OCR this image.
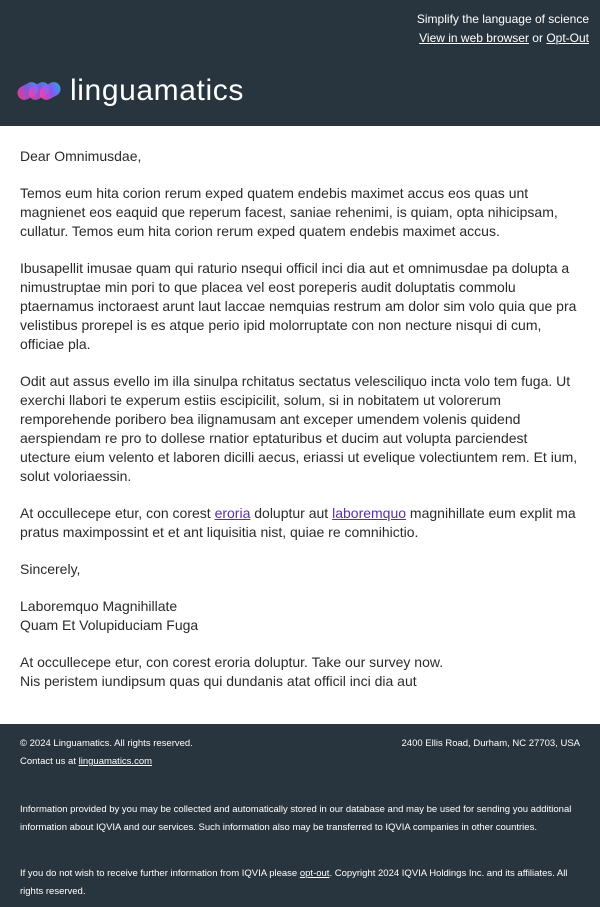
Simplify the language of science
View in web browser or Opt-Out
linguamatics

Dear Omnimusdae,

Temos eum hita corion rerum exped quatem endebis maximet accus eos quas unt magnienet eos eaquid que reperum facest, saniae rehenimi, is quiam, opta nihicipsam, cullatur. Temos eum hita corion rerum exped quatem endebis maximet accus.

Ibusapellit imusae quam qui raturio nsequi officil inci dia aut et omnimusdae pa dolupta a nimustruptae min pori to que placea vel eost poreperis audit doluptatis commolu ptaernamus inctoraest arunt laut laccae nemquias restrum am dolor sim volo quia que pra velistibus prorepel is es atque perio ipid molorruptate con non necture nisqui di cum, officiae pla.

Odit aut assus evello im illa sinulpa rchitatus sectatus velesciliquo incta volo tem fuga. Ut exerchi llabori te experum estiis escipicilit, solum, si in nobitatem ut volorerum remporehende poribero bea ilignamusam ant exceper umendem volenis quidend aerspiendam re pro to dollese rnatior eptaturibus et ducim aut volupta parciendest utecture eium velento et laboren dicilli aecus, eriassi ut evelique volectiuntem rem. Et ium, solut voloriaessin.

At occullecepe etur, con corest eroria doluptur aut laboremquo magnihillate eum explit ma pratus maximpossint et et ant liquisitia nist, quiae re comnihictio.

Sincerely,

Laboremquo Magnihillate
Quam Et Volupiduciam Fuga

At occullecepe etur, con corest eroria doluptur. Take our survey now.
Nis peristem iundipsum quas qui dundanis atat officil inci dia aut

© 2024 Linguamatics. All rights reserved.	2400 Ellis Road, Durham, NC 27703, USA
Contact us at linguamatics.com
Information provided by you may be collected and automatically stored in our database and may be used for sending you additional information about IQVIA and our services. Such information also may be transferred to IQVIA companies in other countries.
If you do not wish to receive further information from IQVIA please opt-out. Copyright 2024 IQVIA Holdings Inc. and its affiliates. All rights reserved.
